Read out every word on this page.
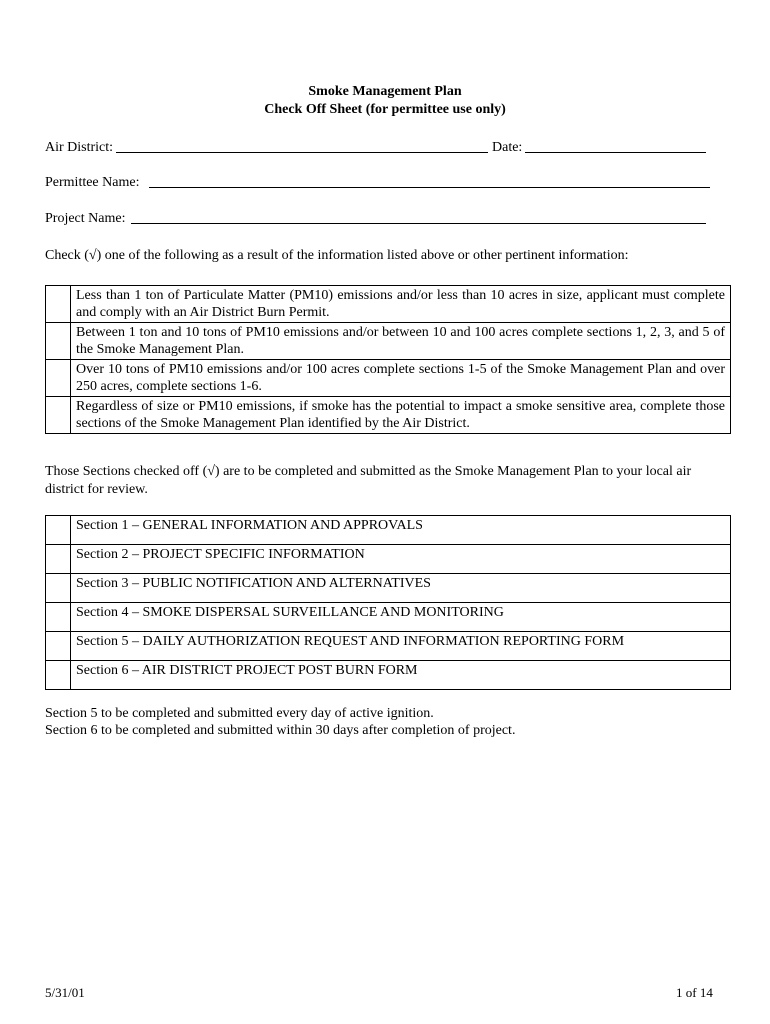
Smoke Management Plan
Check Off Sheet (for permittee use only)
Air District:	Date:
Permittee Name:
Project Name:
Check (√) one of the following as a result of the information listed above or other pertinent information:
	Less than 1 ton of Particulate Matter (PM10) emissions and/or less than 10 acres in size, applicant must complete and comply with an Air District Burn Permit.
	Between 1 ton and 10 tons of PM10 emissions and/or between 10 and 100 acres complete sections 1, 2, 3, and 5 of the Smoke Management Plan.
	Over 10 tons of PM10 emissions and/or 100 acres complete sections 1-5 of the Smoke Management Plan and over 250 acres, complete sections 1-6.
	Regardless of size or PM10 emissions, if smoke has the potential to impact a smoke sensitive area, complete those sections of the Smoke Management Plan identified by the Air District.
Those Sections checked off (√) are to be completed and submitted as the Smoke Management Plan to your local air district for review.
	Section 1 – GENERAL INFORMATION AND APPROVALS
	Section 2 – PROJECT SPECIFIC INFORMATION
	Section 3 – PUBLIC NOTIFICATION AND ALTERNATIVES
	Section 4 – SMOKE DISPERSAL SURVEILLANCE AND MONITORING
	Section 5 – DAILY AUTHORIZATION REQUEST AND INFORMATION REPORTING FORM
	Section 6 – AIR DISTRICT PROJECT POST BURN FORM
Section 5 to be completed and submitted every day of active ignition.
Section 6 to be completed and submitted within 30 days after completion of project.
5/31/01	1 of 14
